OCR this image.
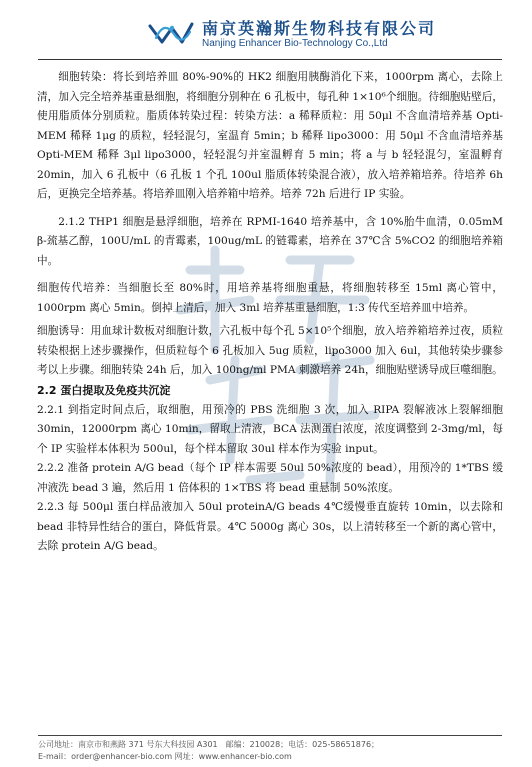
南京英瀚斯生物科技有限公司
Nanjing Enhancer Bio-Technology Co.,Ltd

细胞转染：将长到培养皿 80%-90%的 HK2 细胞用胰酶消化下来，1000rpm 离心，去除上清，加入完全培养基重悬细胞，将细胞分别种在 6 孔板中，每孔种 1×10⁶个细胞。待细胞贴壁后，使用脂质体分别质粒。脂质体转染过程：转染方法：a 稀释质粒：用 50μl 不含血清培养基 Opti-MEM 稀释 1μg 的质粒，轻轻混匀，室温育 5min；b 稀释 lipo3000：用 50μl 不含血清培养基 Opti-MEM 稀释 3μl lipo3000，轻轻混匀并室温孵育 5 min；将 a 与 b 轻轻混匀，室温孵育 20min，加入 6 孔板中（6 孔板 1 个孔 100ul 脂质体转染混合液），放入培养箱培养。待培养 6h 后，更换完全培养基。将培养皿刚入培养箱中培养。培养 72h 后进行 IP 实验。

2.1.2 THP1 细胞是悬浮细胞，培养在 RPMI-1640 培养基中，含 10%胎牛血清，0.05mM β-巯基乙醇，100U/mL 的青霉素，100ug/mL 的链霉素，培养在 37℃含 5%CO2 的细胞培养箱中。

细胞传代培养：当细胞长至 80%时，用培养基将细胞重悬，将细胞转移至 15ml 离心管中，1000rpm 离心 5min。倒掉上清后，加入 3ml 培养基重悬细胞，1:3 传代至培养皿中培养。

细胞诱导：用血球计数板对细胞计数，六孔板中每个孔 5×10⁵个细胞，放入培养箱培养过夜，质粒转染根据上述步骤操作，但质粒每个 6 孔板加入 5ug 质粒，lipo3000 加入 6ul，其他转染步骤参考以上步骤。细胞转染 24h 后，加入 100ng/ml PMA 刺激培养 24h，细胞贴壁诱导成巨噬细胞。

2.2 蛋白提取及免疫共沉淀

2.2.1 到指定时间点后，取细胞，用预冷的 PBS 洗细胞 3 次，加入 RIPA 裂解液冰上裂解细胞 30min，12000rpm 离心 10min，留取上清液，BCA 法测蛋白浓度，浓度调整到 2-3mg/ml，每个 IP 实验样本体积为 500ul，每个样本留取 30ul 样本作为实验 input。

2.2.2 准备 protein A/G bead（每个 IP 样本需要 50ul 50%浓度的 bead），用预冷的 1*TBS 缓冲液洗 bead 3 遍，然后用 1 倍体积的 1×TBS 将 bead 重悬制 50%浓度。

2.2.3 每 500μl 蛋白样品液加入 50ul proteinA/G beads 4℃缓慢垂直旋转 10min，以去除和 bead 非特异性结合的蛋白，降低背景。4℃ 5000g 离心 30s，以上清转移至一个新的离心管中，去除 protein A/G bead。

公司地址：南京市和燕路 371 号东大科技园 A301　邮编：210028；电话：025-58651876；
E-mail：order@enhancer-bio.com 网址：www.enhancer-bio.com
